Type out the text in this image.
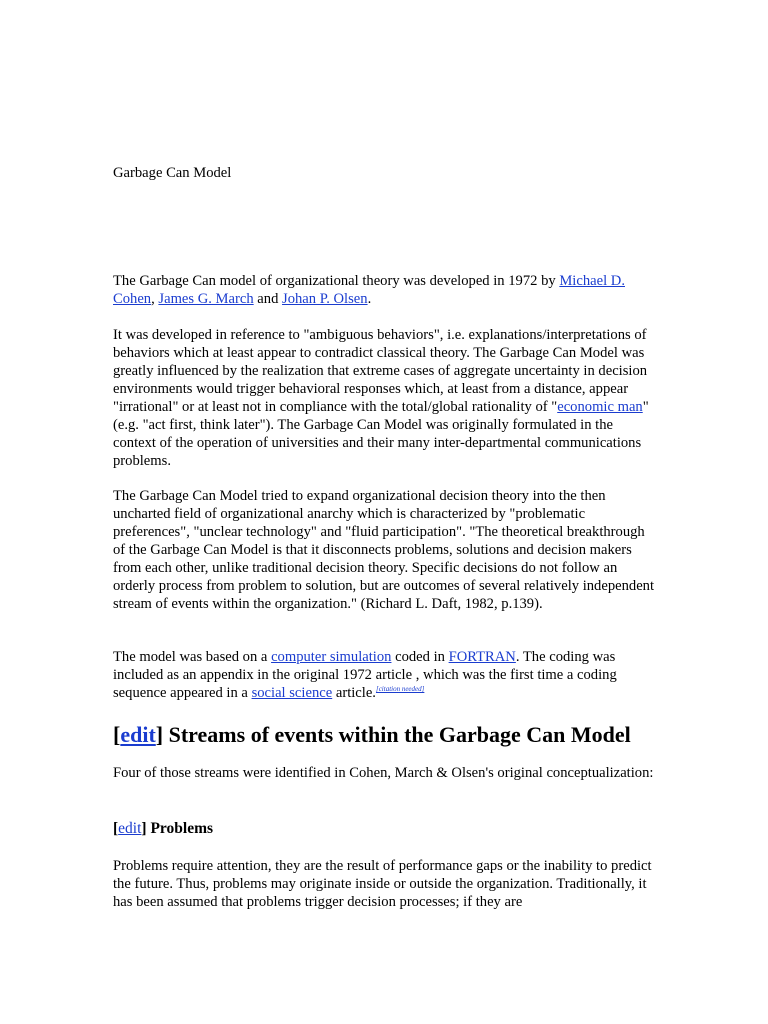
Garbage Can Model

The Garbage Can model of organizational theory was developed in 1972 by Michael D. Cohen, James G. March and Johan P. Olsen.

It was developed in reference to "ambiguous behaviors", i.e. explanations/interpretations of behaviors which at least appear to contradict classical theory. The Garbage Can Model was greatly influenced by the realization that extreme cases of aggregate uncertainty in decision environments would trigger behavioral responses which, at least from a distance, appear "irrational" or at least not in compliance with the total/global rationality of "economic man" (e.g. "act first, think later"). The Garbage Can Model was originally formulated in the context of the operation of universities and their many inter-departmental communications problems.

The Garbage Can Model tried to expand organizational decision theory into the then uncharted field of organizational anarchy which is characterized by "problematic preferences", "unclear technology" and "fluid participation". "The theoretical breakthrough of the Garbage Can Model is that it disconnects problems, solutions and decision makers from each other, unlike traditional decision theory. Specific decisions do not follow an orderly process from problem to solution, but are outcomes of several relatively independent stream of events within the organization." (Richard L. Daft, 1982, p.139).

The model was based on a computer simulation coded in FORTRAN. The coding was included as an appendix in the original 1972 article , which was the first time a coding sequence appeared in a social science article.[citation needed]

[edit] Streams of events within the Garbage Can Model

Four of those streams were identified in Cohen, March & Olsen's original conceptualization:

[edit] Problems

Problems require attention, they are the result of performance gaps or the inability to predict the future. Thus, problems may originate inside or outside the organization. Traditionally, it has been assumed that problems trigger decision processes; if they are
